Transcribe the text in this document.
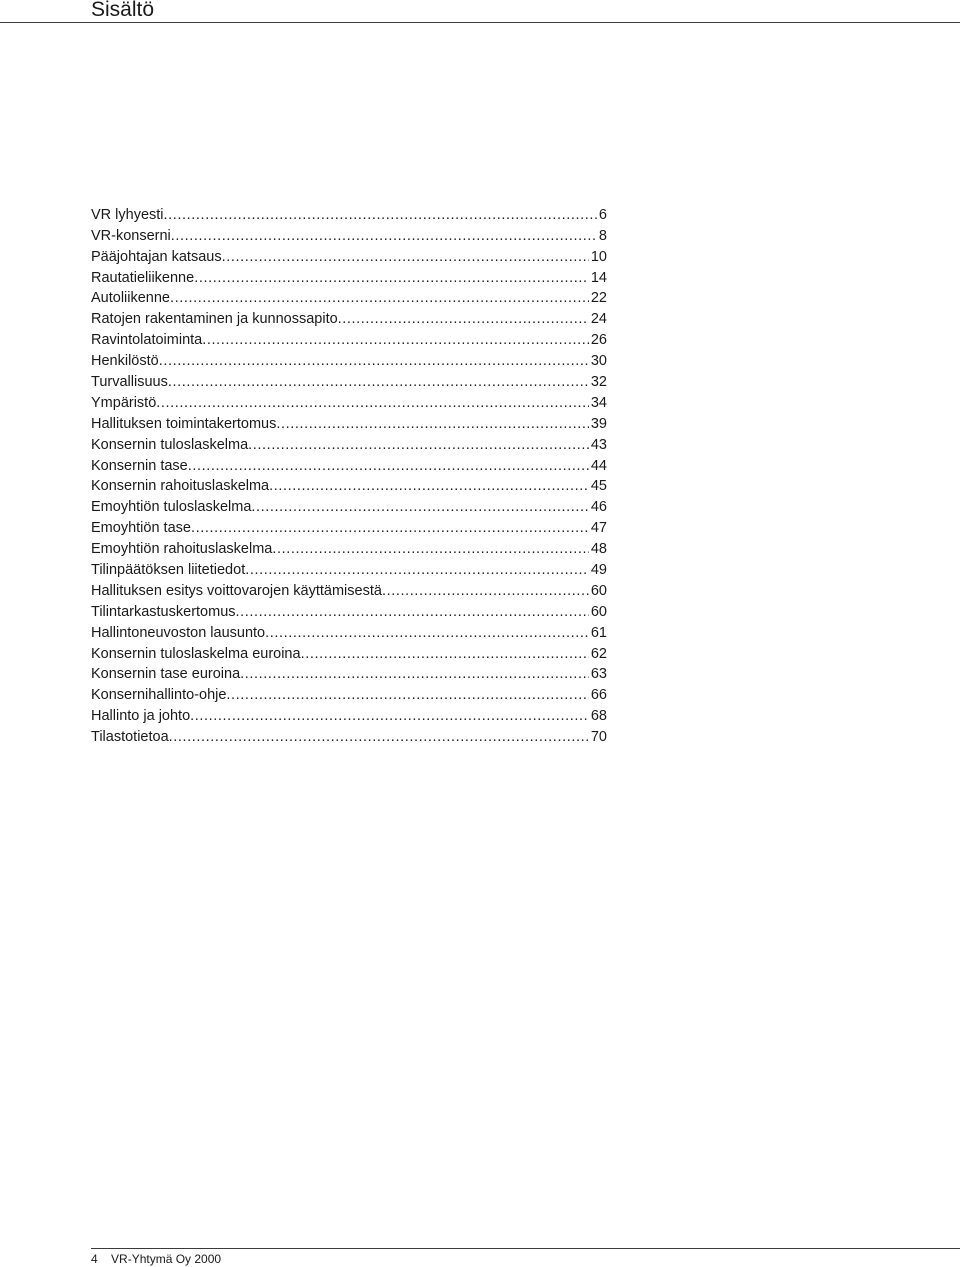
Sisältö
VR lyhyesti .....	6
VR-konserni .....	8
Pääjohtajan katsaus .....	10
Rautatieliikenne .....	14
Autoliikenne .....	22
Ratojen rakentaminen ja kunnossapito .....	24
Ravintolatoiminta .....	26
Henkilöstö .....	30
Turvallisuus .....	32
Ympäristö .....	34
Hallituksen toimintakertomus .....	39
Konsernin tuloslaskelma .....	43
Konsernin tase .....	44
Konsernin rahoituslaskelma .....	45
Emoyhtiön tuloslaskelma .....	46
Emoyhtiön tase .....	47
Emoyhtiön rahoituslaskelma .....	48
Tilinpäätöksen liitetiedot .....	49
Hallituksen esitys voittovarojen käyttämisestä .....	60
Tilintarkastuskertomus .....	60
Hallintoneuvoston lausunto .....	61
Konsernin tuloslaskelma euroina .....	62
Konsernin tase euroina .....	63
Konsernihallinto-ohje .....	66
Hallinto ja johto .....	68
Tilastotietoa .....	70
4 VR-Yhtymä Oy 2000
